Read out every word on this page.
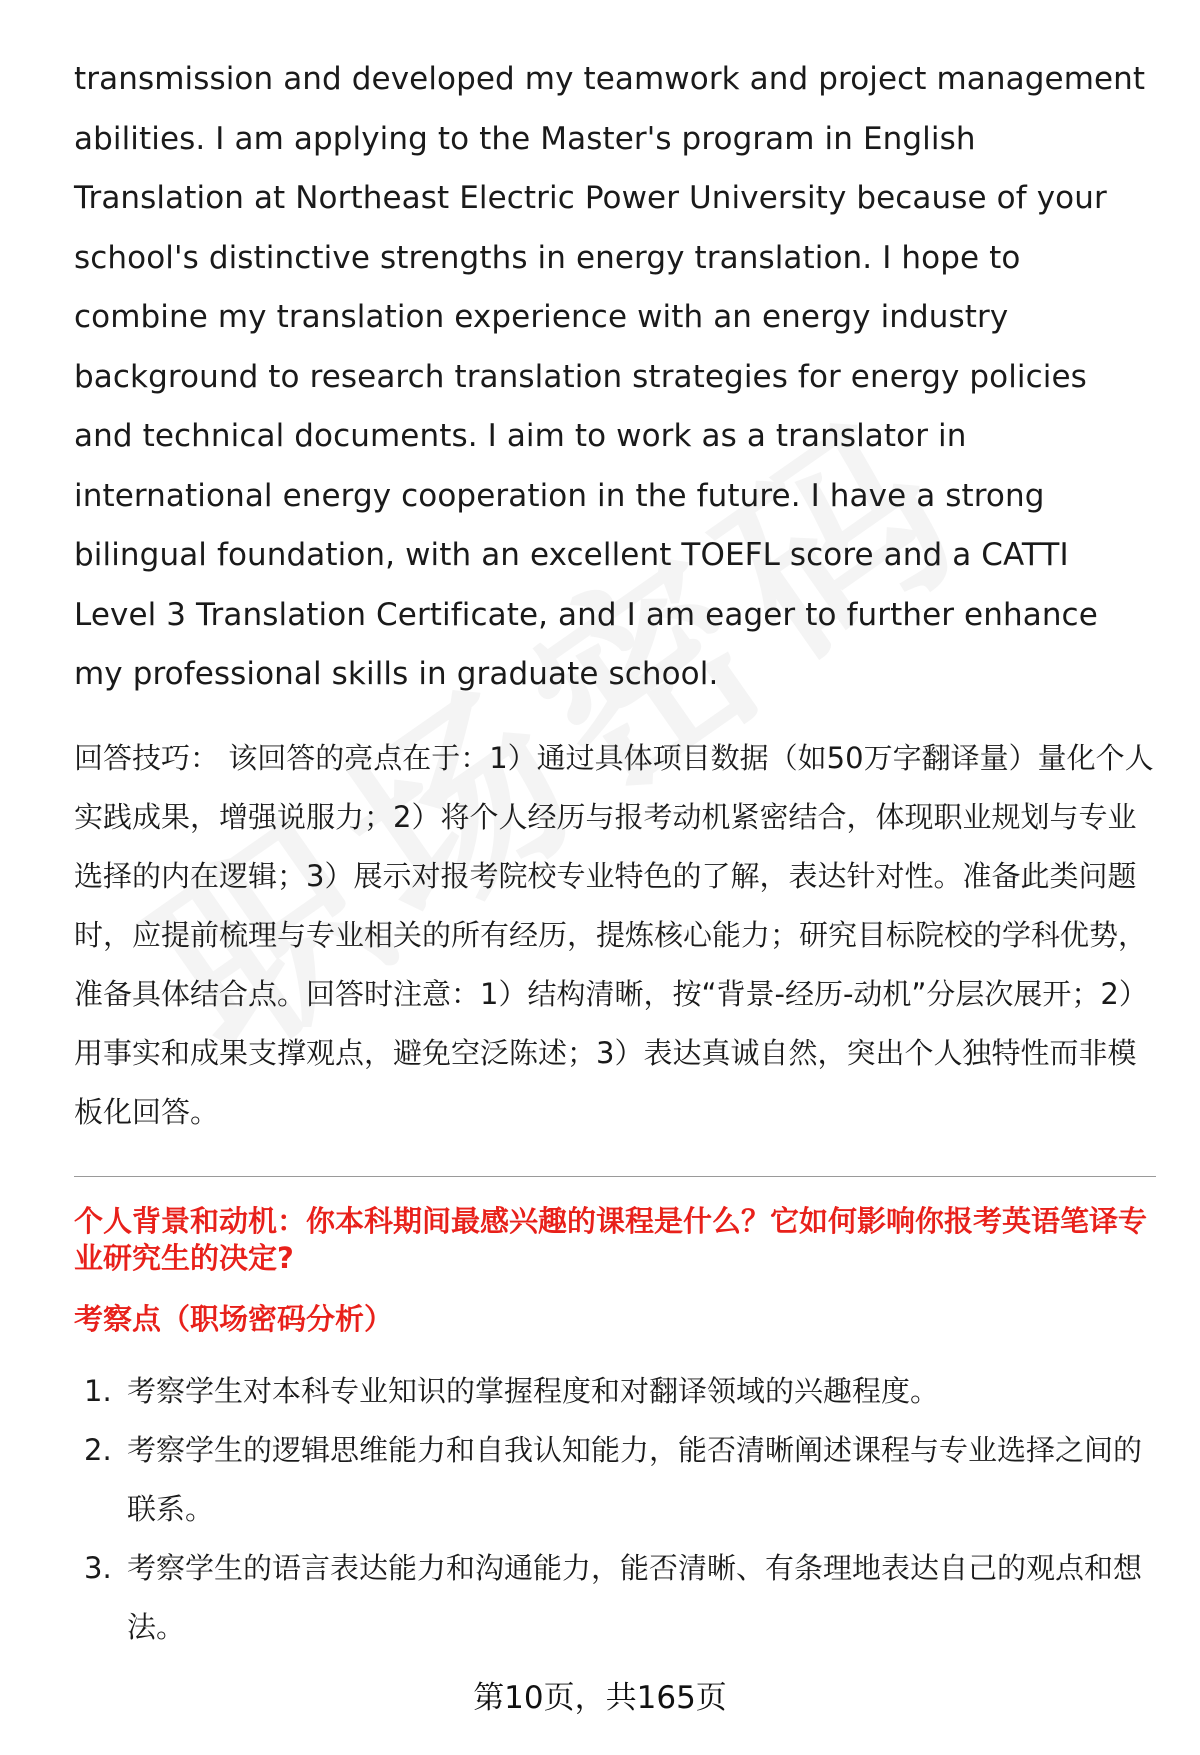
transmission and developed my teamwork and project management abilities. I am applying to the Master's program in English Translation at Northeast Electric Power University because of your school's distinctive strengths in energy translation. I hope to combine my translation experience with an energy industry background to research translation strategies for energy policies and technical documents. I aim to work as a translator in international energy cooperation in the future. I have a strong bilingual foundation, with an excellent TOEFL score and a CATTI Level 3 Translation Certificate, and I am eager to further enhance my professional skills in graduate school.

回答技巧： 该回答的亮点在于：1）通过具体项目数据（如50万字翻译量）量化个人实践成果，增强说服力；2）将个人经历与报考动机紧密结合，体现职业规划与专业选择的内在逻辑；3）展示对报考院校专业特色的了解，表达针对性。准备此类问题时，应提前梳理与专业相关的所有经历，提炼核心能力；研究目标院校的学科优势，准备具体结合点。回答时注意：1）结构清晰，按“背景-经历-动机”分层次展开；2）用事实和成果支撑观点，避免空泛陈述；3）表达真诚自然，突出个人独特性而非模板化回答。

个人背景和动机：你本科期间最感兴趣的课程是什么？它如何影响你报考英语笔译专业研究生的决定?

考察点（职场密码分析）

1. 考察学生对本科专业知识的掌握程度和对翻译领域的兴趣程度。
2. 考察学生的逻辑思维能力和自我认知能力，能否清晰阐述课程与专业选择之间的联系。
3. 考察学生的语言表达能力和沟通能力，能否清晰、有条理地表达自己的观点和想法。
第10页，共165页
